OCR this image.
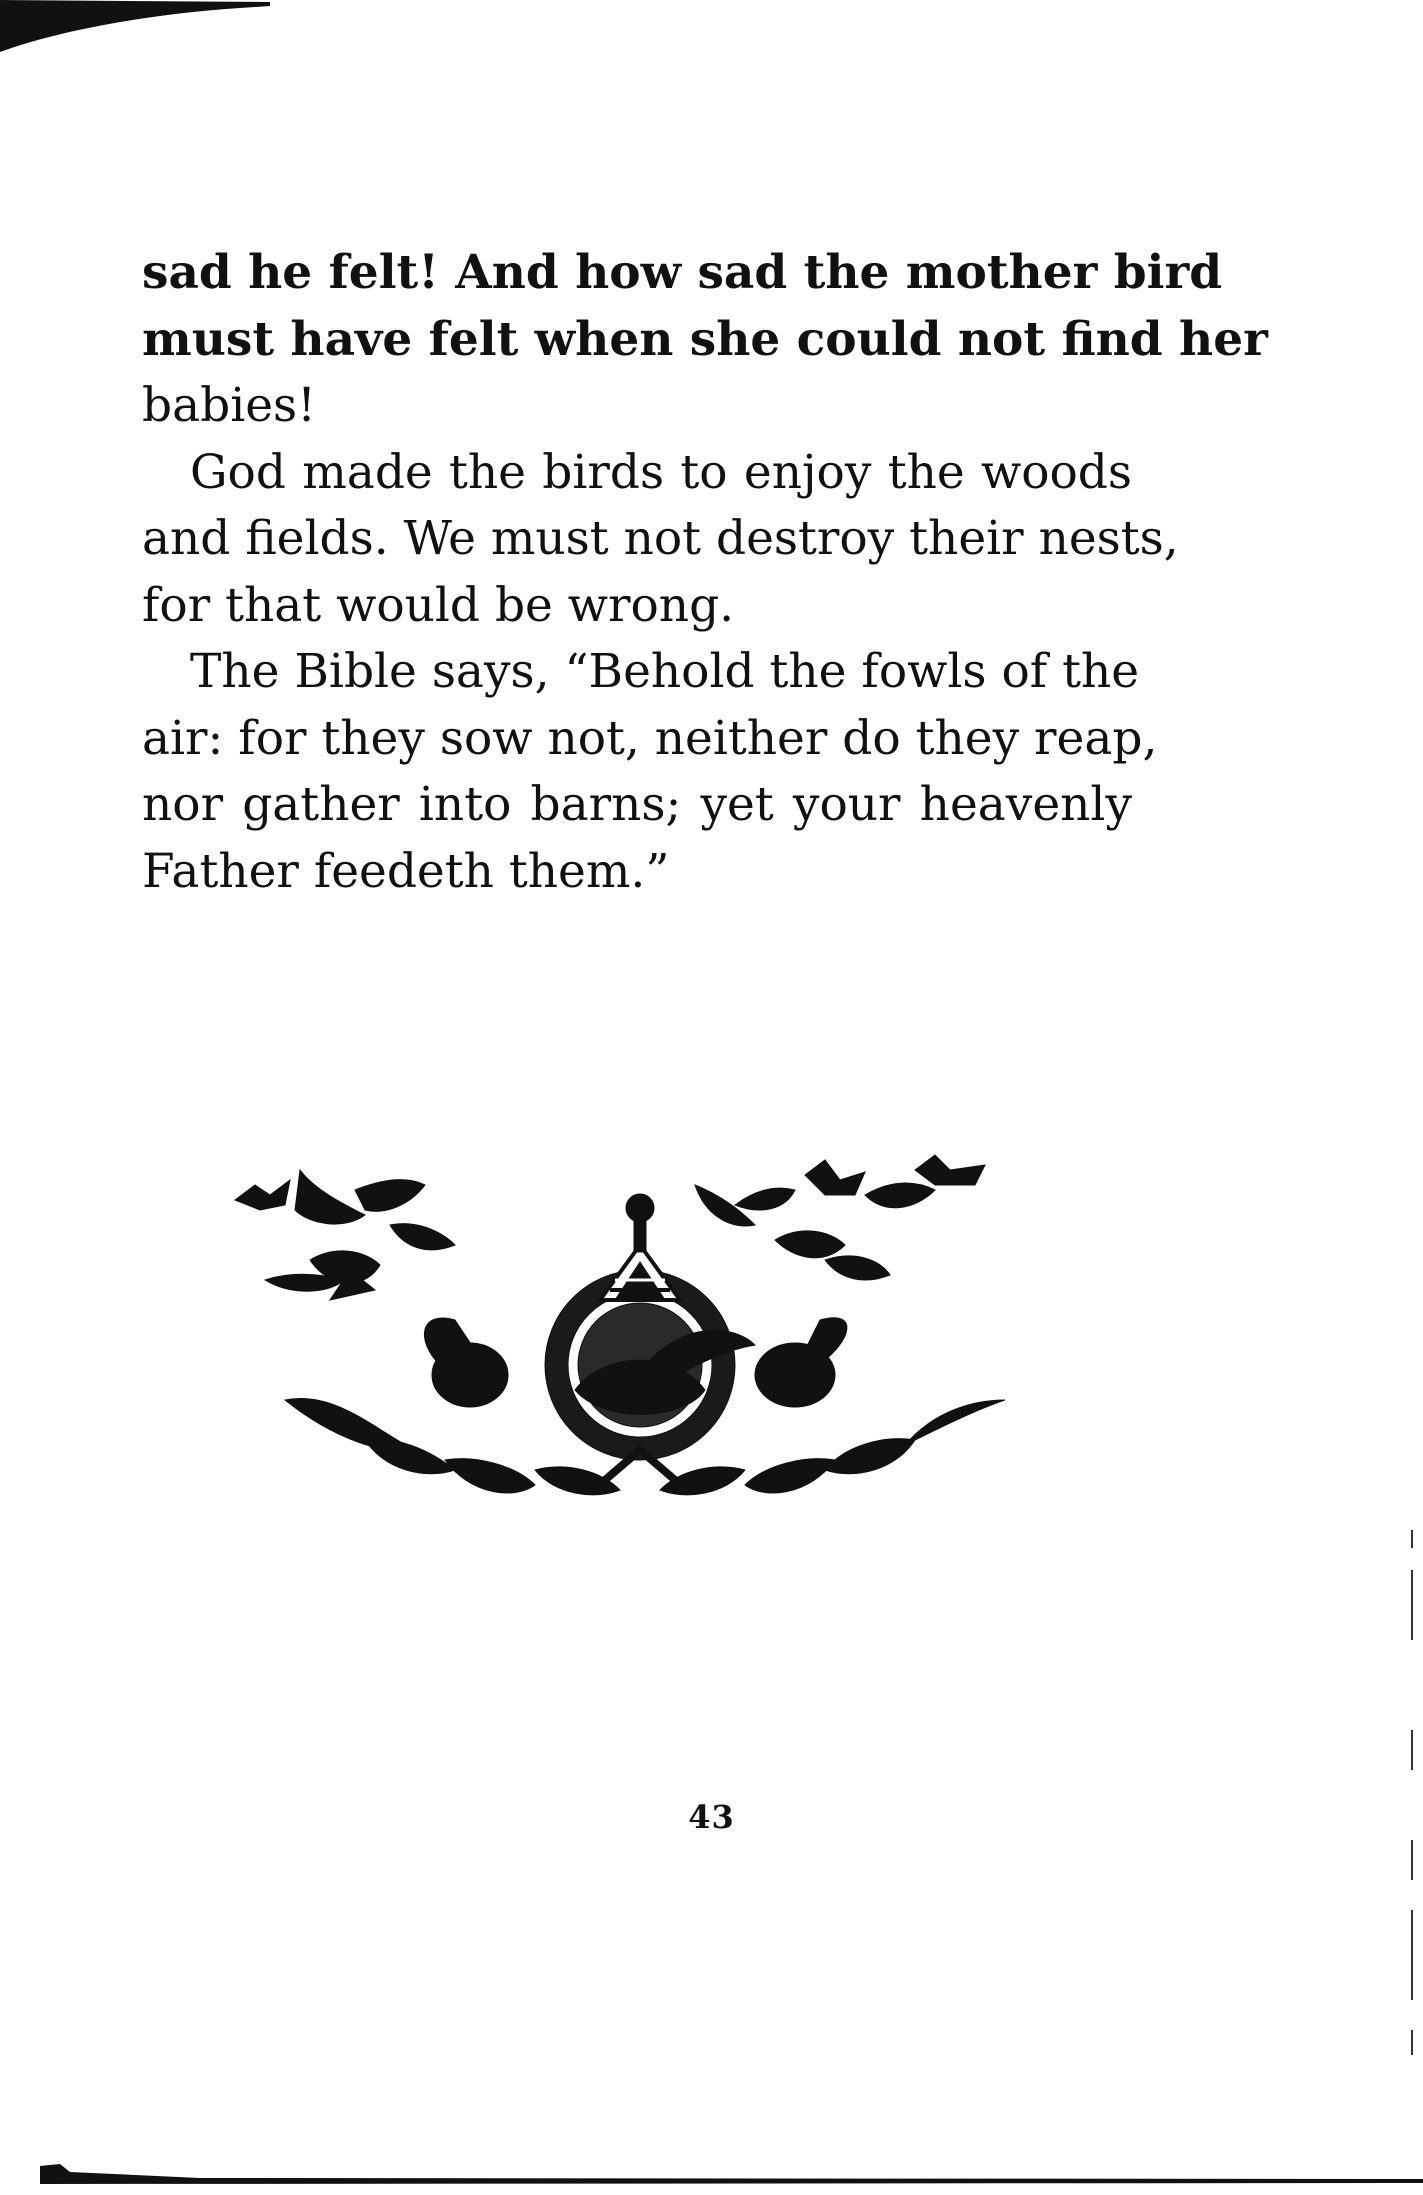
sad he felt! And how sad the mother bird
must have felt when she could not find her
babies!

God made the birds to enjoy the woods
and fields. We must not destroy their nests,
for that would be wrong.

The Bible says, “Behold the fowls of the
air: for they sow not, neither do they reap,
nor gather into barns; yet your heavenly
Father feedeth them.”

43
